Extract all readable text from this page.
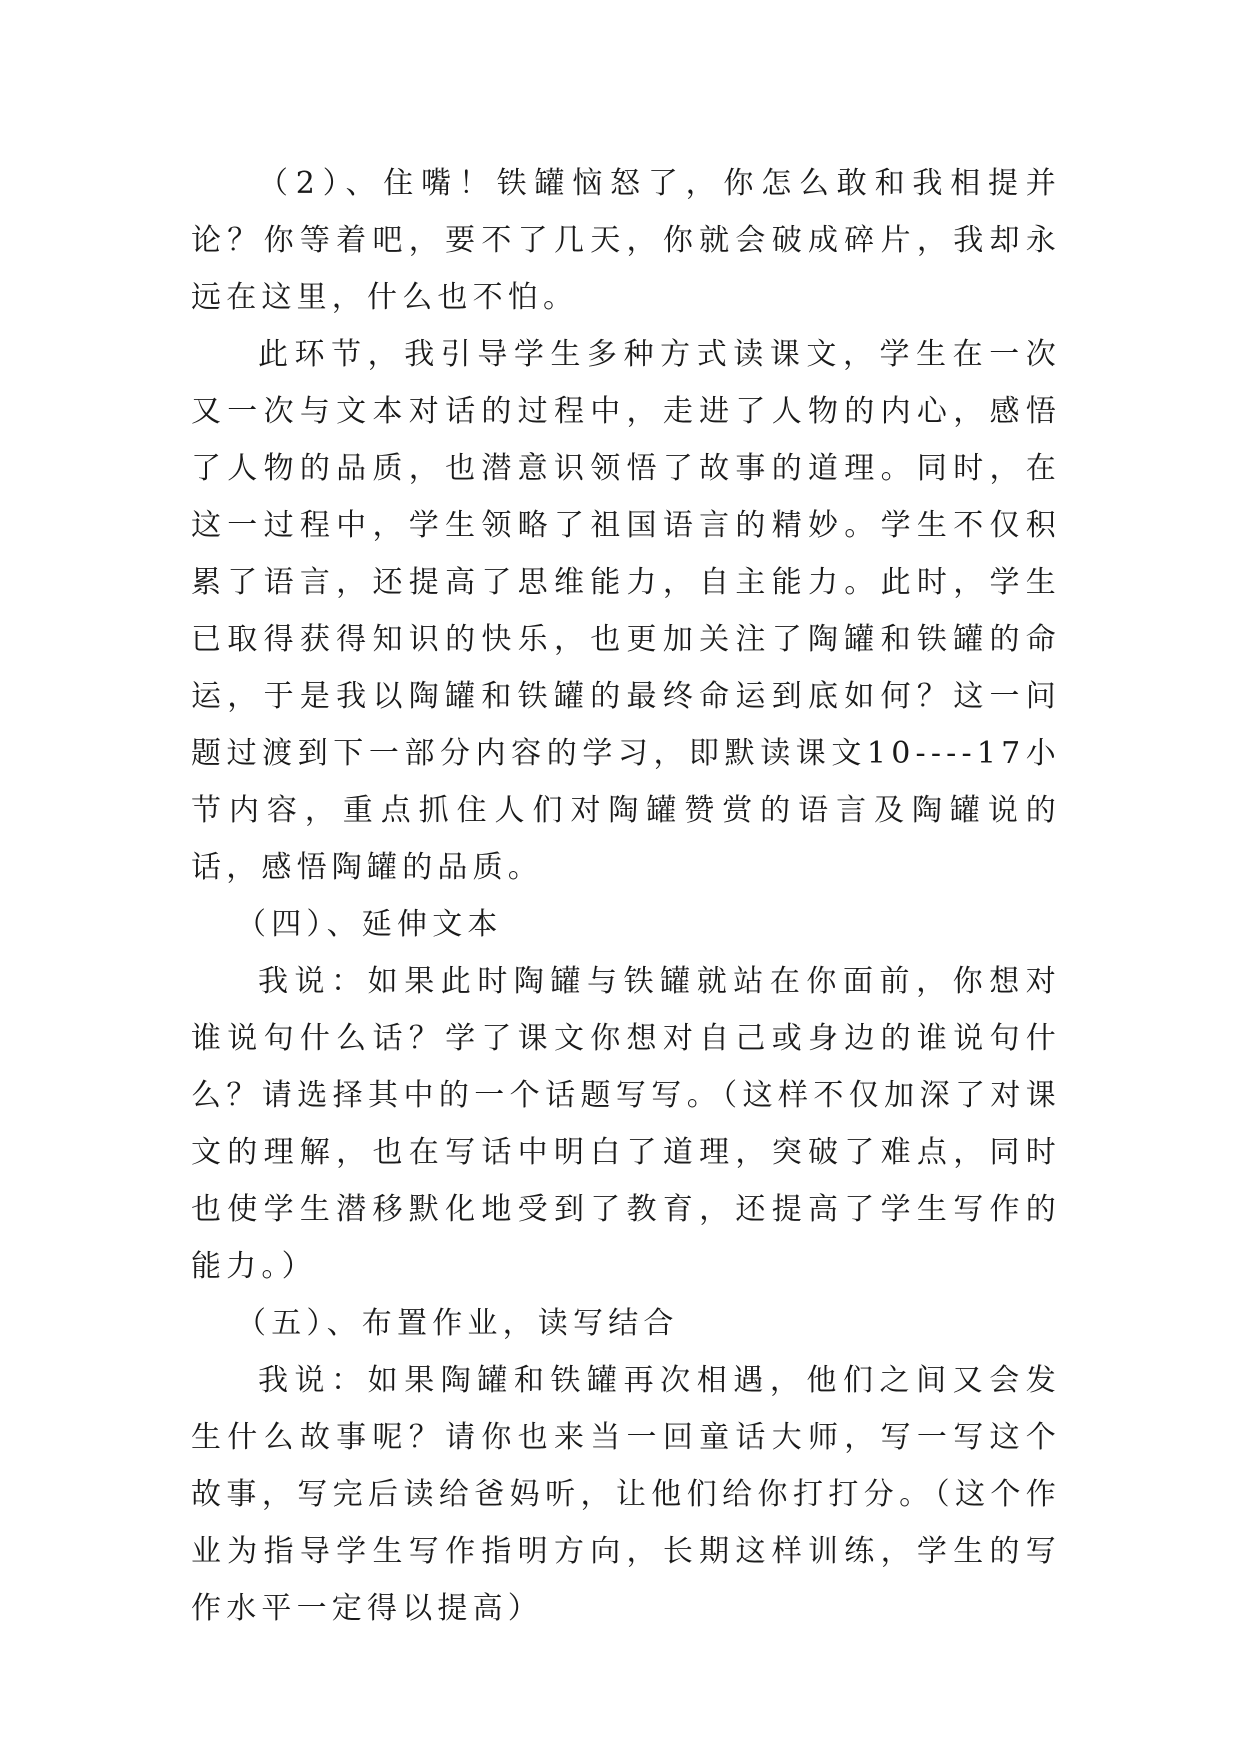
（2）、住嘴！铁罐恼怒了，你怎么敢和我相提并论？你等着吧，要不了几天，你就会破成碎片，我却永远在这里，什么也不怕。

此环节，我引导学生多种方式读课文，学生在一次又一次与文本对话的过程中，走进了人物的内心，感悟了人物的品质，也潜意识领悟了故事的道理。同时，在这一过程中，学生领略了祖国语言的精妙。学生不仅积累了语言，还提高了思维能力，自主能力。此时，学生已取得获得知识的快乐，也更加关注了陶罐和铁罐的命运，于是我以陶罐和铁罐的最终命运到底如何？这一问题过渡到下一部分内容的学习，即默读课文10----17小节内容，重点抓住人们对陶罐赞赏的语言及陶罐说的话，感悟陶罐的品质。

（四）、延伸文本

我说：如果此时陶罐与铁罐就站在你面前，你想对谁说句什么话？学了课文你想对自己或身边的谁说句什么？请选择其中的一个话题写写。（这样不仅加深了对课文的理解，也在写话中明白了道理，突破了难点，同时也使学生潜移默化地受到了教育，还提高了学生写作的能力。）

（五）、布置作业，读写结合

我说：如果陶罐和铁罐再次相遇，他们之间又会发生什么故事呢？请你也来当一回童话大师，写一写这个故事，写完后读给爸妈听，让他们给你打打分。（这个作业为指导学生写作指明方向，长期这样训练，学生的写作水平一定得以提高）
